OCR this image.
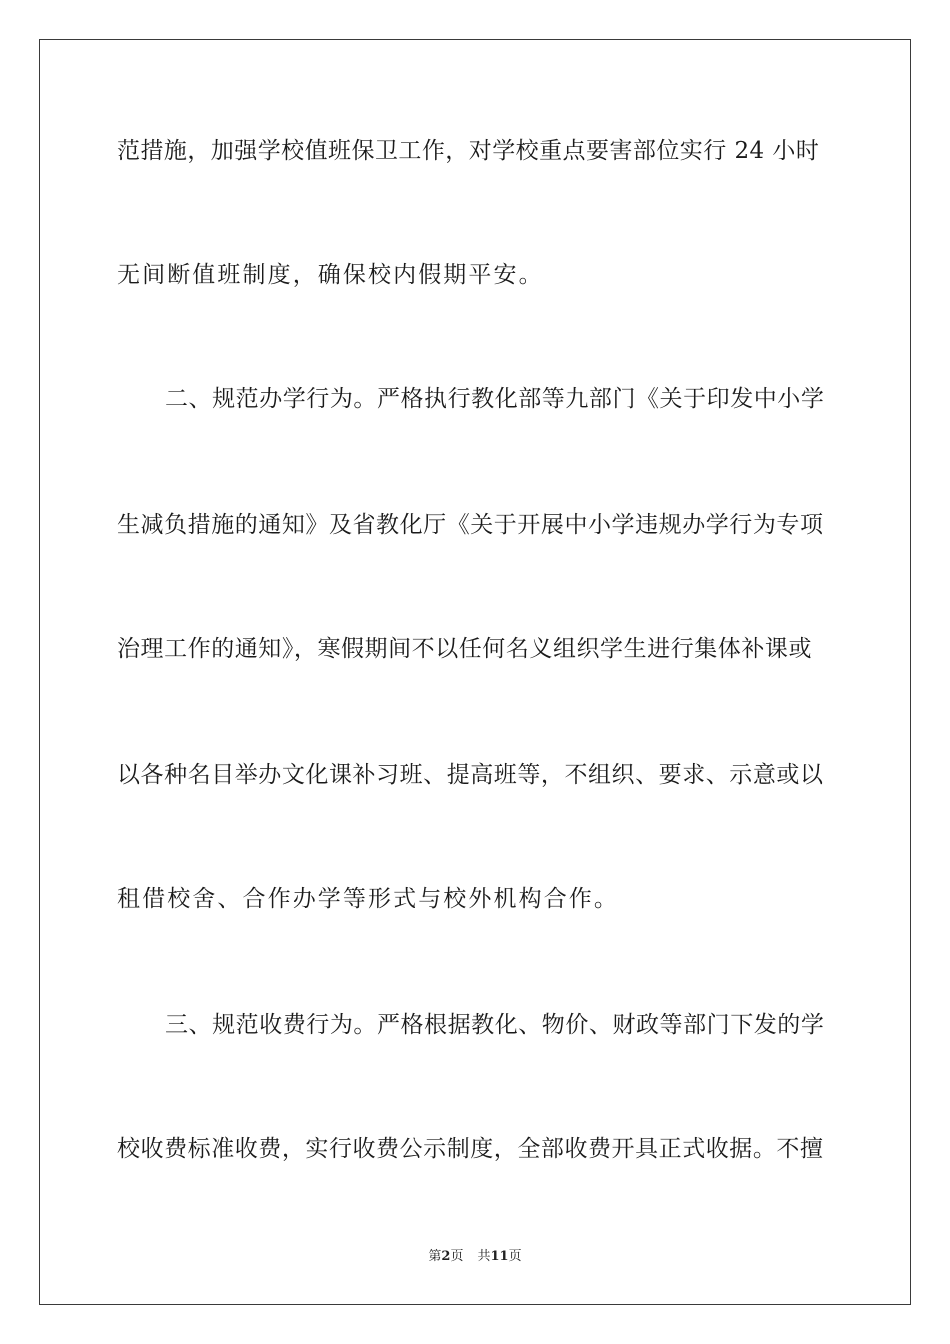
范措施，加强学校值班保卫工作，对学校重点要害部位实行 24 小时
无间断值班制度，确保校内假期平安。
二、规范办学行为。严格执行教化部等九部门《关于印发中小学
生减负措施的通知》及省教化厅《关于开展中小学违规办学行为专项
治理工作的通知》，寒假期间不以任何名义组织学生进行集体补课或
以各种名目举办文化课补习班、提高班等，不组织、要求、示意或以
租借校舍、合作办学等形式与校外机构合作。
三、规范收费行为。严格根据教化、物价、财政等部门下发的学
校收费标准收费，实行收费公示制度，全部收费开具正式收据。不擅
第2页 共11页
